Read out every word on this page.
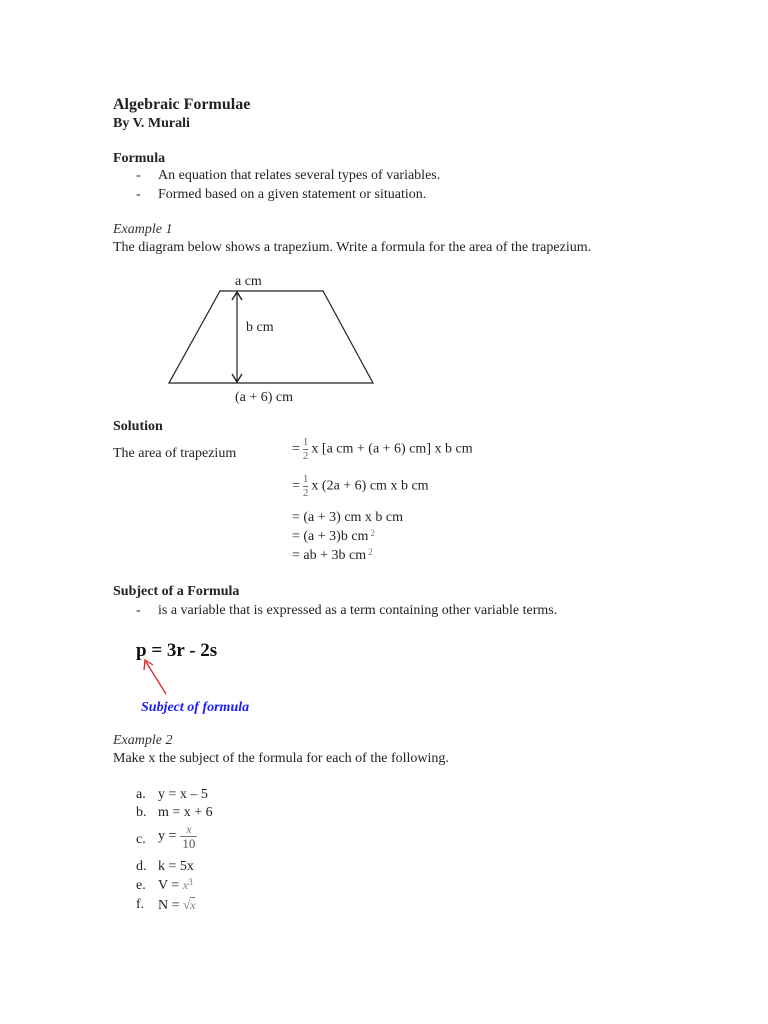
Algebraic Formulae
By V. Murali
Formula
- An equation that relates several types of variables.
- Formed based on a given statement or situation.
Example 1
The diagram below shows a trapezium. Write a formula for the area of the trapezium.
a cm
b cm
(a + 6) cm
Solution
The area of trapezium	= $\frac{1}{2}$ x [a cm + (a + 6) cm] x b cm
= $\frac{1}{2}$ x (2a + 6) cm x b cm
= (a + 3) cm x b cm
= (a + 3)b cm $^2$
= ab + 3b cm $^2$
Subject of a Formula
- is a variable that is expressed as a term containing other variable terms.
p = 3r - 2s
Subject of formula
Example 2
Make x the subject of the formula for each of the following.
a. y = x – 5
b. m = x + 6
c. $y = \frac{x}{10}$
d. k = 5x
e. $V = x^3$
f. N = √x
